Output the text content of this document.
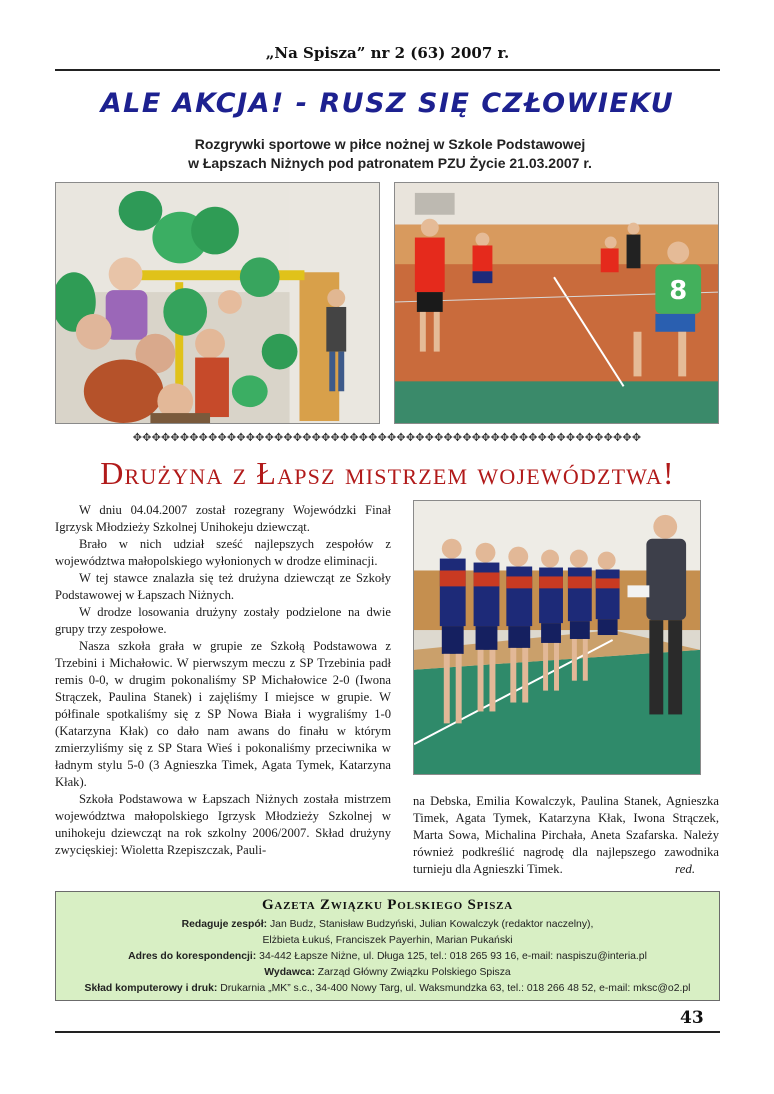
„Na Spisza” nr 2 (63) 2007 r.
ALE AKCJA! - RUSZ SIĘ CZŁOWIEKU
Rozgrywki sportowe w piłce nożnej w Szkole Podstawowej
w Łapszach Niżnych pod patronatem PZU Życie 21.03.2007 r.
8
✥✥✥✥✥✥✥✥✥✥✥✥✥✥✥✥✥✥✥✥✥✥✥✥✥✥✥✥✥✥✥✥✥✥✥✥✥✥✥✥✥✥✥✥✥✥✥✥✥✥✥✥✥✥
Drużyna z Łapsz mistrzem województwa!

W dniu 04.04.2007 został rozegrany Wojewódzki Finał Igrzysk Młodzieży Szkolnej Unihokeju dziewcząt.

Brało w nich udział sześć najlepszych zespołów z województwa małopolskiego wyłonionych w drodze eliminacji.

W tej stawce znalazła się też drużyna dziewcząt ze Szkoły Podstawowej w Łapszach Niżnych.

W drodze losowania drużyny zostały podzielone na dwie grupy trzy zespołowe.

Nasza szkoła grała w grupie ze Szkołą Podstawowa z Trzebini i Michałowic. W pierwszym meczu z SP Trzebinia padł remis 0-0, w drugim pokonaliśmy SP Michałowice 2-0 (Iwona Strączek, Paulina Stanek) i zajęliśmy I miejsce w grupie. W półfinale spotkaliśmy się z SP Nowa Biała i wygraliśmy 1-0 (Katarzyna Kłak) co dało nam awans do finału w którym zmierzyliśmy się z SP Stara Wieś i pokonaliśmy przeciwnika w ładnym stylu 5-0 (3 Agnieszka Timek, Agata Tymek, Katarzyna Kłak).

Szkoła Podstawowa w Łapszach Niżnych została mistrzem województwa małopolskiego Igrzysk Młodzieży Szkolnej w unihokeju dziewcząt na rok szkolny 2006/2007. Skład drużyny zwycięskiej: Wioletta Rzepiszczak, Pauli-

na Debska, Emilia Kowalczyk, Paulina Stanek, Agnieszka Timek, Agata Tymek, Katarzyna Kłak, Iwona Strączek, Marta Sowa, Michalina Pirchała, Aneta Szafarska. Należy również podkreślić nagrodę dla najlepszego zawodnika turnieju dla Agnieszki Timek.	red.
Gazeta Związku Polskiego Spisza
Redaguje zespół: Jan Budz, Stanisław Budzyński, Julian Kowalczyk (redaktor naczelny),
Elżbieta Łukuś, Franciszek Payerhin, Marian Pukański
Adres do korespondencji: 34-442 Łapsze Niżne, ul. Długa 125, tel.: 018 265 93 16, e-mail: naspiszu@interia.pl
Wydawca: Zarząd Główny Związku Polskiego Spisza
Skład komputerowy i druk: Drukarnia „MK” s.c., 34-400 Nowy Targ, ul. Waksmundzka 63, tel.: 018 266 48 52, e-mail: mksc@o2.pl
43
